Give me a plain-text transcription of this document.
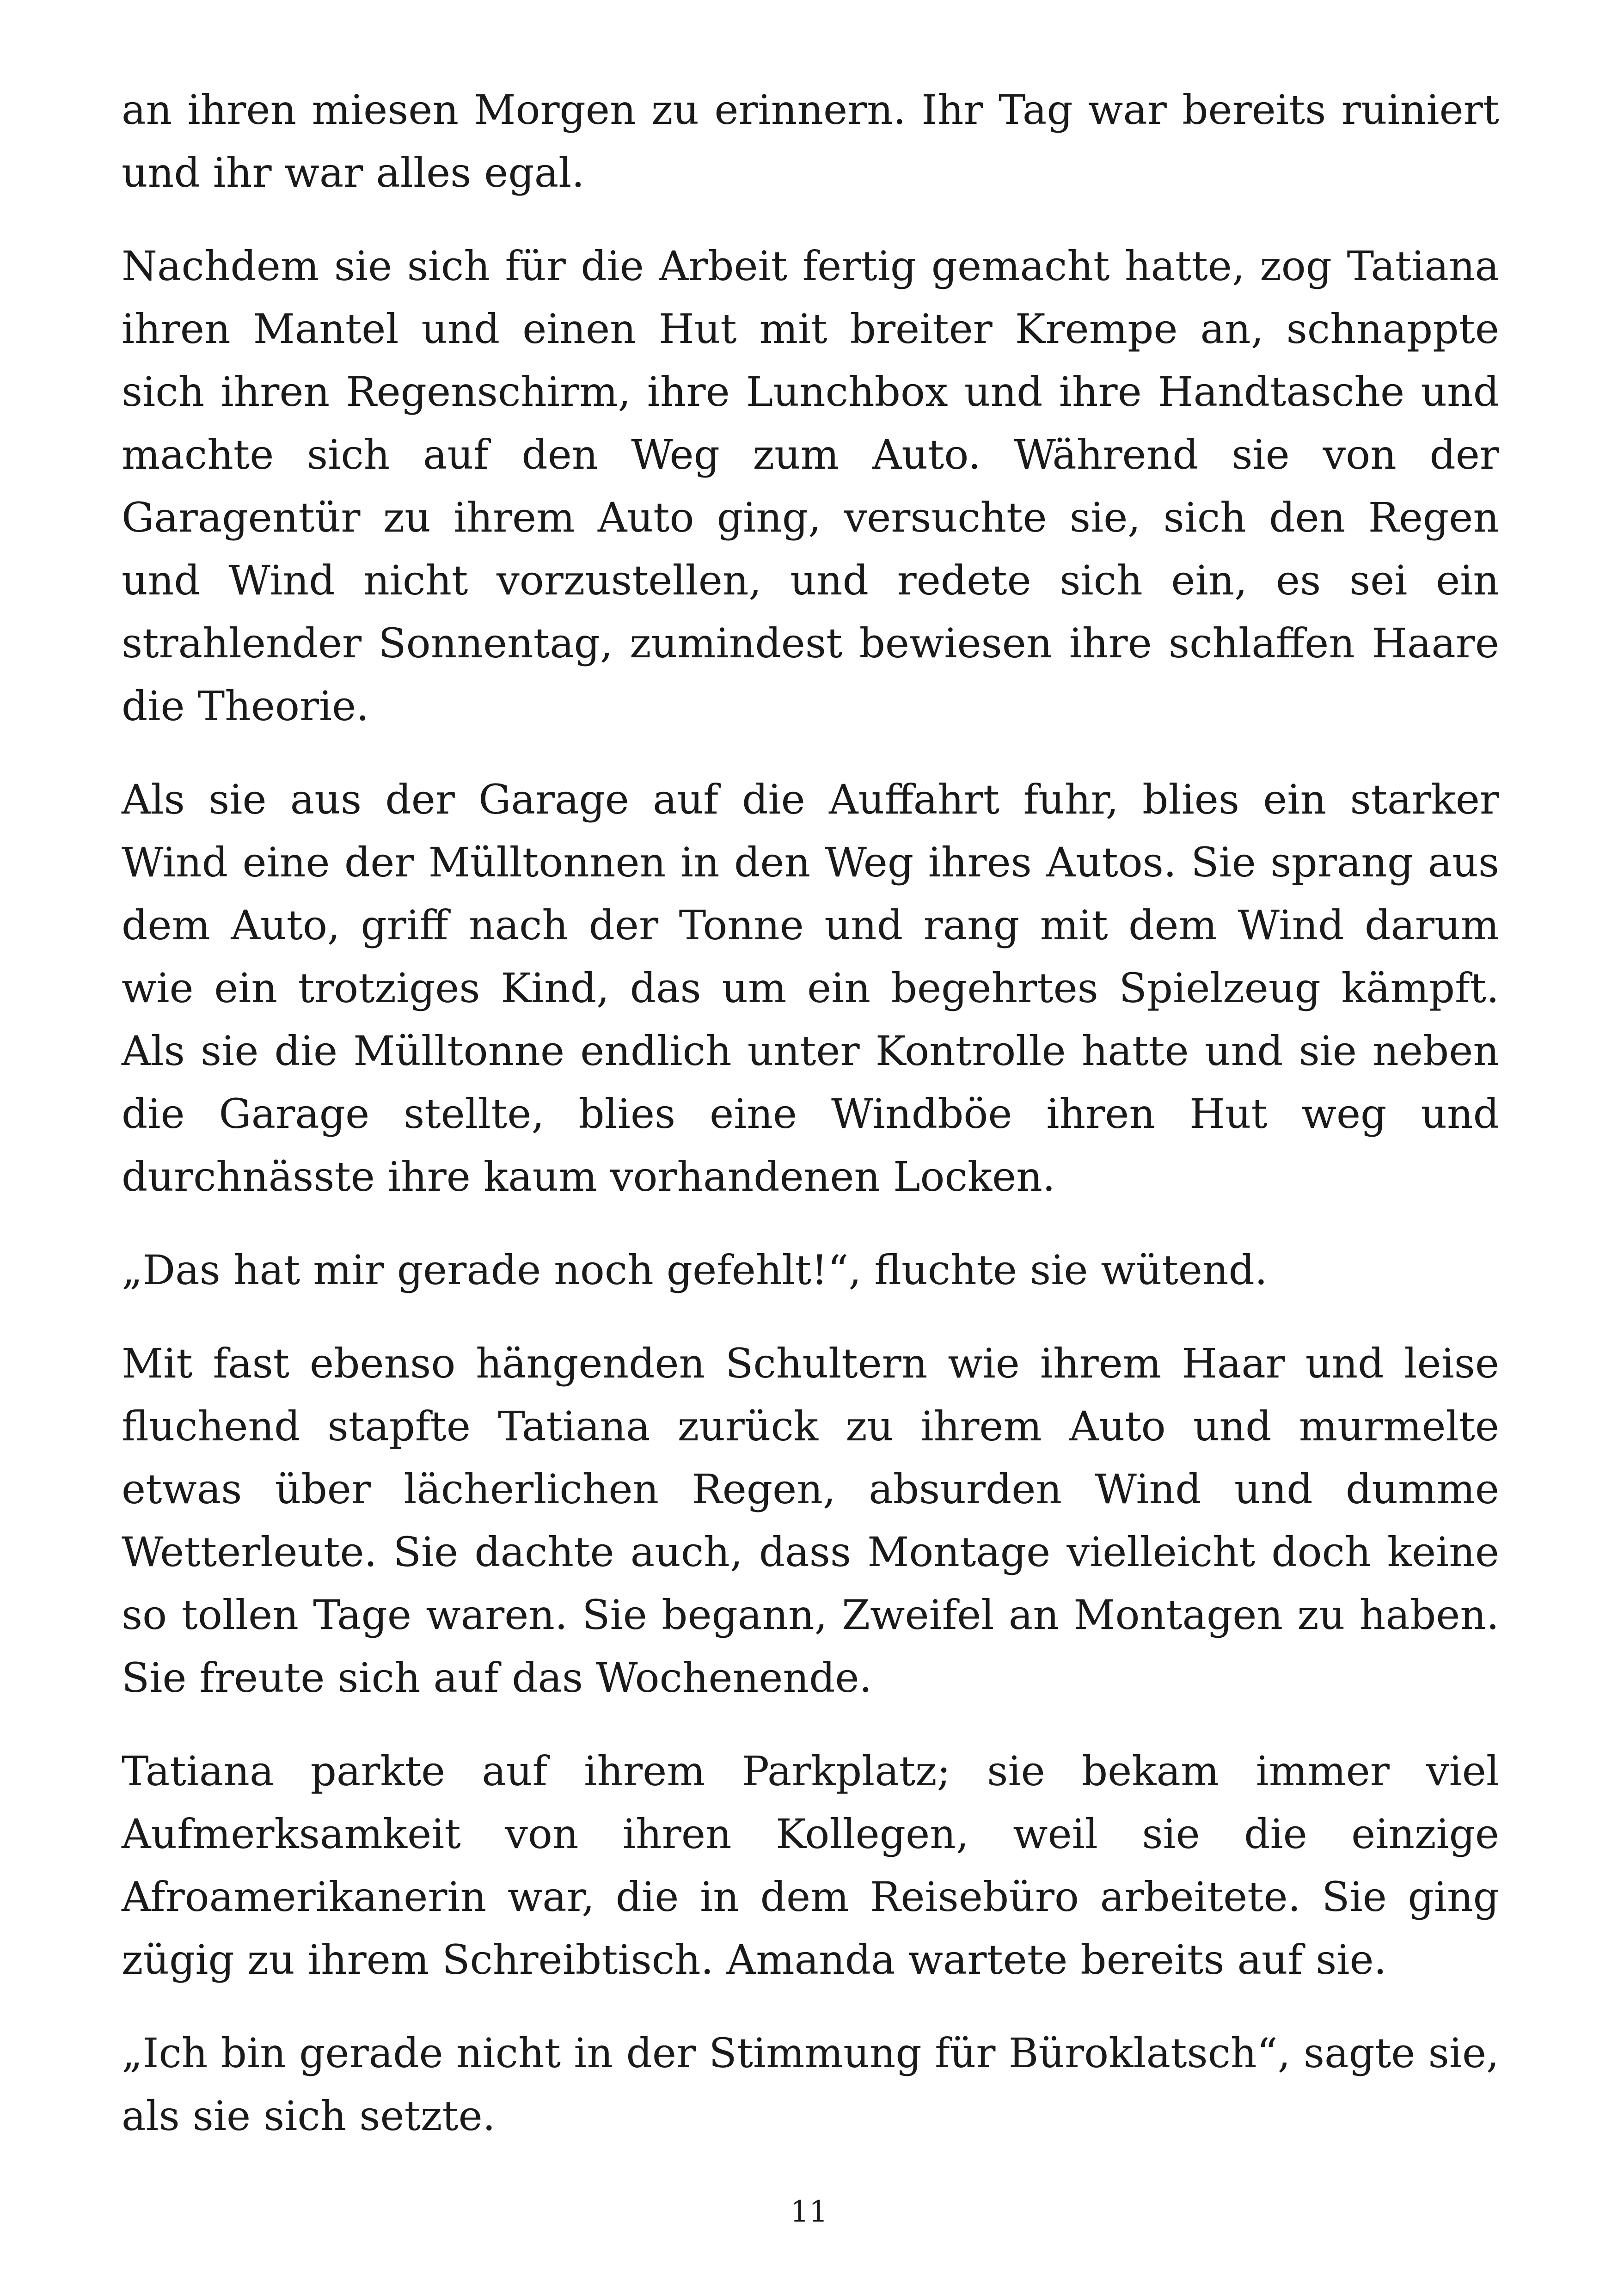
an ihren miesen Morgen zu erinnern. Ihr Tag war bereits ruiniert und ihr war alles egal.

Nachdem sie sich für die Arbeit fertig gemacht hatte, zog Tatiana ihren Mantel und einen Hut mit breiter Krempe an, schnappte sich ihren Regenschirm, ihre Lunchbox und ihre Handtasche und machte sich auf den Weg zum Auto. Während sie von der Garagentür zu ihrem Auto ging, versuchte sie, sich den Regen und Wind nicht vorzustellen, und redete sich ein, es sei ein strahlender Sonnentag, zumindest bewiesen ihre schlaffen Haare die Theorie.

Als sie aus der Garage auf die Auffahrt fuhr, blies ein starker Wind eine der Mülltonnen in den Weg ihres Autos. Sie sprang aus dem Auto, griff nach der Tonne und rang mit dem Wind darum wie ein trotziges Kind, das um ein begehrtes Spielzeug kämpft. Als sie die Mülltonne endlich unter Kontrolle hatte und sie neben die Garage stellte, blies eine Windböe ihren Hut weg und durchnässte ihre kaum vorhandenen Locken.

„Das hat mir gerade noch gefehlt!“, fluchte sie wütend.

Mit fast ebenso hängenden Schultern wie ihrem Haar und leise fluchend stapfte Tatiana zurück zu ihrem Auto und murmelte etwas über lächerlichen Regen, absurden Wind und dumme Wetterleute. Sie dachte auch, dass Montage vielleicht doch keine so tollen Tage waren. Sie begann, Zweifel an Montagen zu haben. Sie freute sich auf das Wochenende.

Tatiana parkte auf ihrem Parkplatz; sie bekam immer viel Aufmerksamkeit von ihren Kollegen, weil sie die einzige Afroamerikanerin war, die in dem Reisebüro arbeitete. Sie ging zügig zu ihrem Schreibtisch. Amanda wartete bereits auf sie.

„Ich bin gerade nicht in der Stimmung für Büroklatsch“, sagte sie, als sie sich setzte.

11
